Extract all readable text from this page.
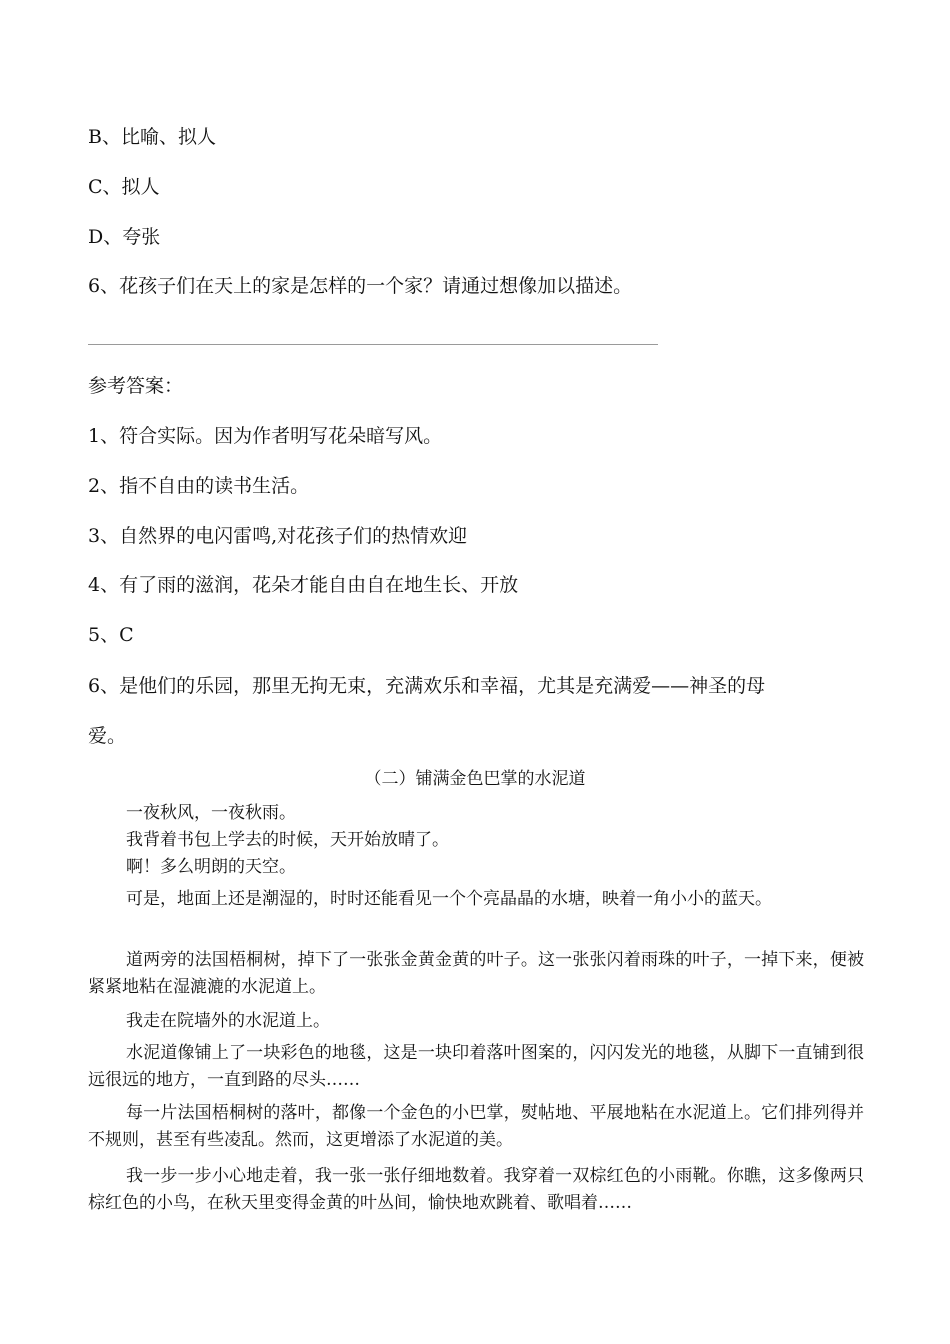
B、比喻、拟人
C、拟人
D、夸张
6、花孩子们在天上的家是怎样的一个家？请通过想像加以描述。
参考答案：
1、符合实际。因为作者明写花朵暗写风。
2、指不自由的读书生活。
3、自然界的电闪雷鸣,对花孩子们的热情欢迎
4、有了雨的滋润，花朵才能自由自在地生长、开放
5、C
6、是他们的乐园，那里无拘无束，充满欢乐和幸福，尤其是充满爱——神圣的母
爱。
（二）铺满金色巴掌的水泥道
一夜秋风，一夜秋雨。
我背着书包上学去的时候，天开始放晴了。
啊！多么明朗的天空。
可是，地面上还是潮湿的，时时还能看见一个个亮晶晶的水塘，映着一角小小的蓝天。
道两旁的法国梧桐树，掉下了一张张金黄金黄的叶子。这一张张闪着雨珠的叶子，一掉下来，便被紧紧地粘在湿漉漉的水泥道上。
我走在院墙外的水泥道上。
水泥道像铺上了一块彩色的地毯，这是一块印着落叶图案的，闪闪发光的地毯，从脚下一直铺到很远很远的地方，一直到路的尽头……
每一片法国梧桐树的落叶，都像一个金色的小巴掌，熨帖地、平展地粘在水泥道上。它们排列得并不规则，甚至有些凌乱。然而，这更增添了水泥道的美。
我一步一步小心地走着，我一张一张仔细地数着。我穿着一双棕红色的小雨靴。你瞧，这多像两只棕红色的小鸟，在秋天里变得金黄的叶丛间，愉快地欢跳着、歌唱着……
